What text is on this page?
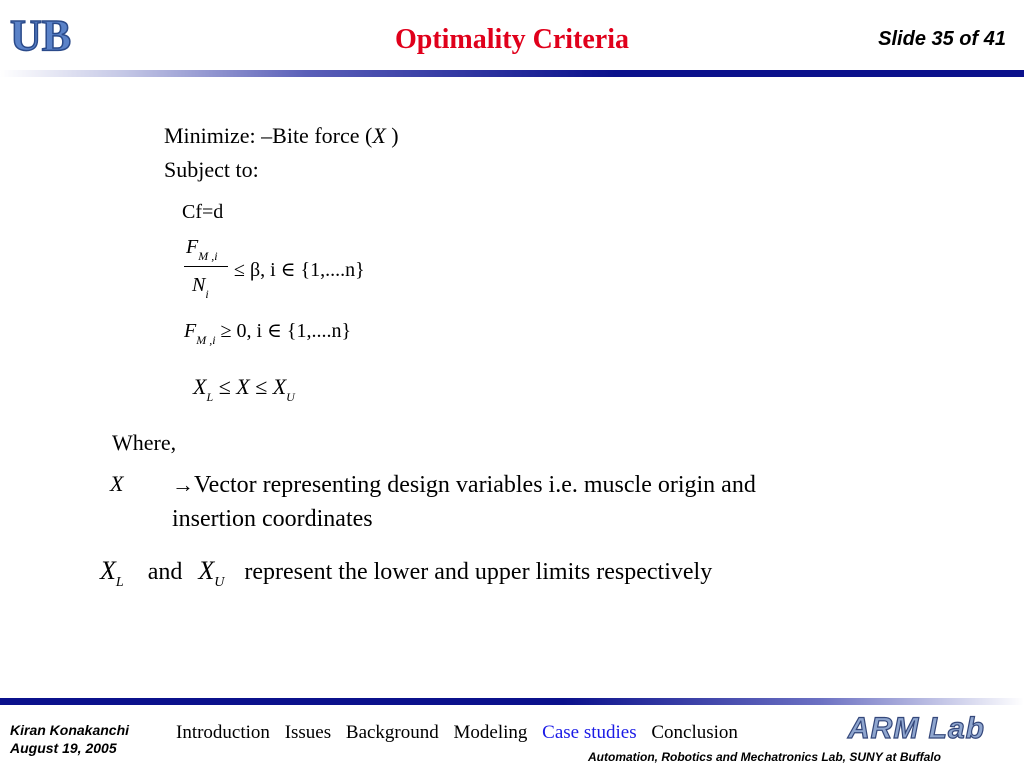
UB	Optimality Criteria	Slide 35 of 41
Minimize: –Bite force (X )
Subject to:
Cf=d
$F_{M ,i}$
$N_i$
≤ β, i ∈ {1,....n}
$F_{M ,i} \ge 0$, i ∈ {1,....n}
$X_L \le X \le X_U$
Where,
X →Vector representing design variables i.e. muscle origin and
insertion coordinates
$X_L$ and $X_U$ represent the lower and upper limits respectively
Kiran Konakanchi
August 19, 2005
Introduction Issues Background Modeling Case studies Conclusion	ARM Lab
Automation, Robotics and Mechatronics Lab, SUNY at Buffalo
